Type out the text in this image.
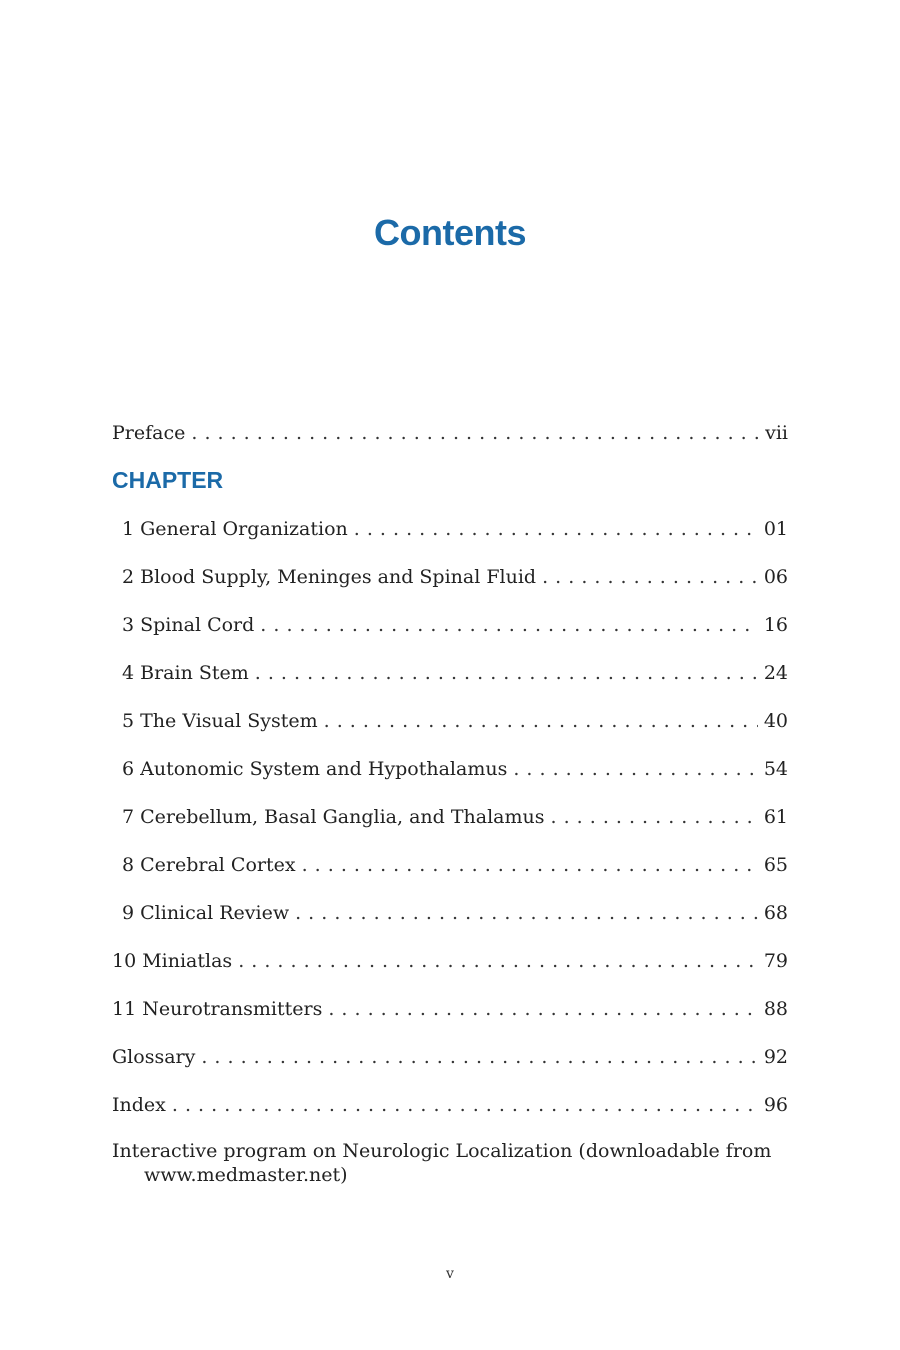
Contents
Preface . . .	vii
CHAPTER
1 General Organization . . .	01
2 Blood Supply, Meninges and Spinal Fluid . . .	06
3 Spinal Cord . . .	16
4 Brain Stem . . .	24
5 The Visual System . . .	40
6 Autonomic System and Hypothalamus . . .	54
7 Cerebellum, Basal Ganglia, and Thalamus . . .	61
8 Cerebral Cortex . . .	65
9 Clinical Review . . .	68
10 Miniatlas . . .	79
11 Neurotransmitters . . .	88
Glossary . . .	92
Index . . .	96
Interactive program on Neurologic Localization (downloadable from
www.medmaster.net)
v
